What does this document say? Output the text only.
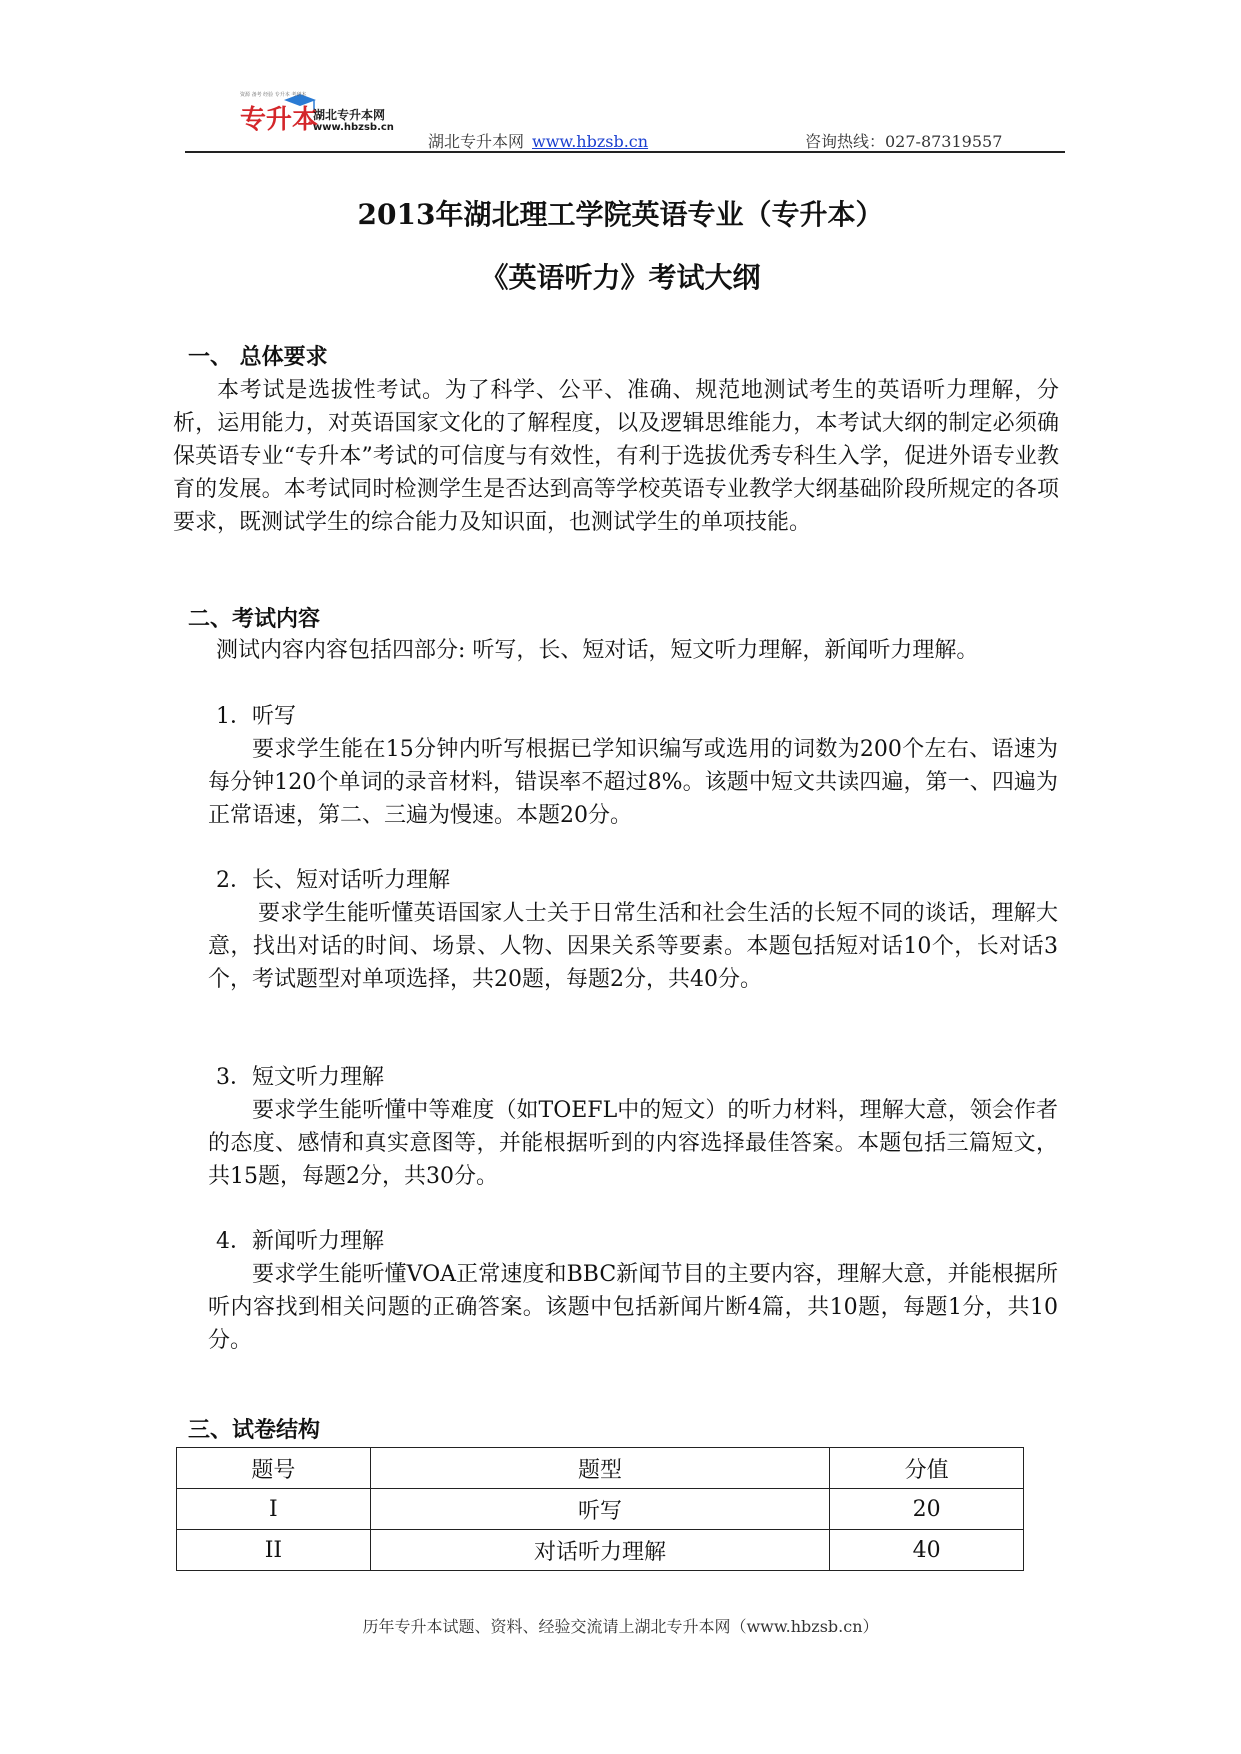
专升本
资源 备考 经验 专升本 考研本
湖北专升本网
www.hbzsb.cn
湖北专升本网 www.hbzsb.cn	咨询热线：027-87319557
2013年湖北理工学院英语专业（专升本）
《英语听力》考试大纲
一、 总体要求

本考试是选拔性考试。为了科学、公平、准确、规范地测试考生的英语听力理解，分析，运用能力，对英语国家文化的了解程度，以及逻辑思维能力，本考试大纲的制定必须确保英语专业“专升本”考试的可信度与有效性，有利于选拔优秀专科生入学，促进外语专业教育的发展。本考试同时检测学生是否达到高等学校英语专业教学大纲基础阶段所规定的各项要求，既测试学生的综合能力及知识面，也测试学生的单项技能。

二、考试内容
测试内容内容包括四部分: 听写，长、短对话，短文听力理解，新闻听力理解。
1．听写
要求学生能在15分钟内听写根据已学知识编写或选用的词数为200个左右、语速为每分钟120个单词的录音材料，错误率不超过8%。该题中短文共读四遍，第一、四遍为正常语速，第二、三遍为慢速。本题20分。
2．长、短对话听力理解
要求学生能听懂英语国家人士关于日常生活和社会生活的长短不同的谈话，理解大意，找出对话的时间、场景、人物、因果关系等要素。本题包括短对话10个，长对话3个，考试题型对单项选择，共20题，每题2分，共40分。
3．短文听力理解
要求学生能听懂中等难度（如TOEFL中的短文）的听力材料，理解大意，领会作者的态度、感情和真实意图等，并能根据听到的内容选择最佳答案。本题包括三篇短文，共15题，每题2分，共30分。
4．新闻听力理解
要求学生能听懂VOA正常速度和BBC新闻节目的主要内容，理解大意，并能根据所听内容找到相关问题的正确答案。该题中包括新闻片断4篇，共10题，每题1分，共10分。
三、试卷结构
题号	题型	分值
I	听写	20
II	对话听力理解	40
历年专升本试题、资料、经验交流请上湖北专升本网（www.hbzsb.cn）
